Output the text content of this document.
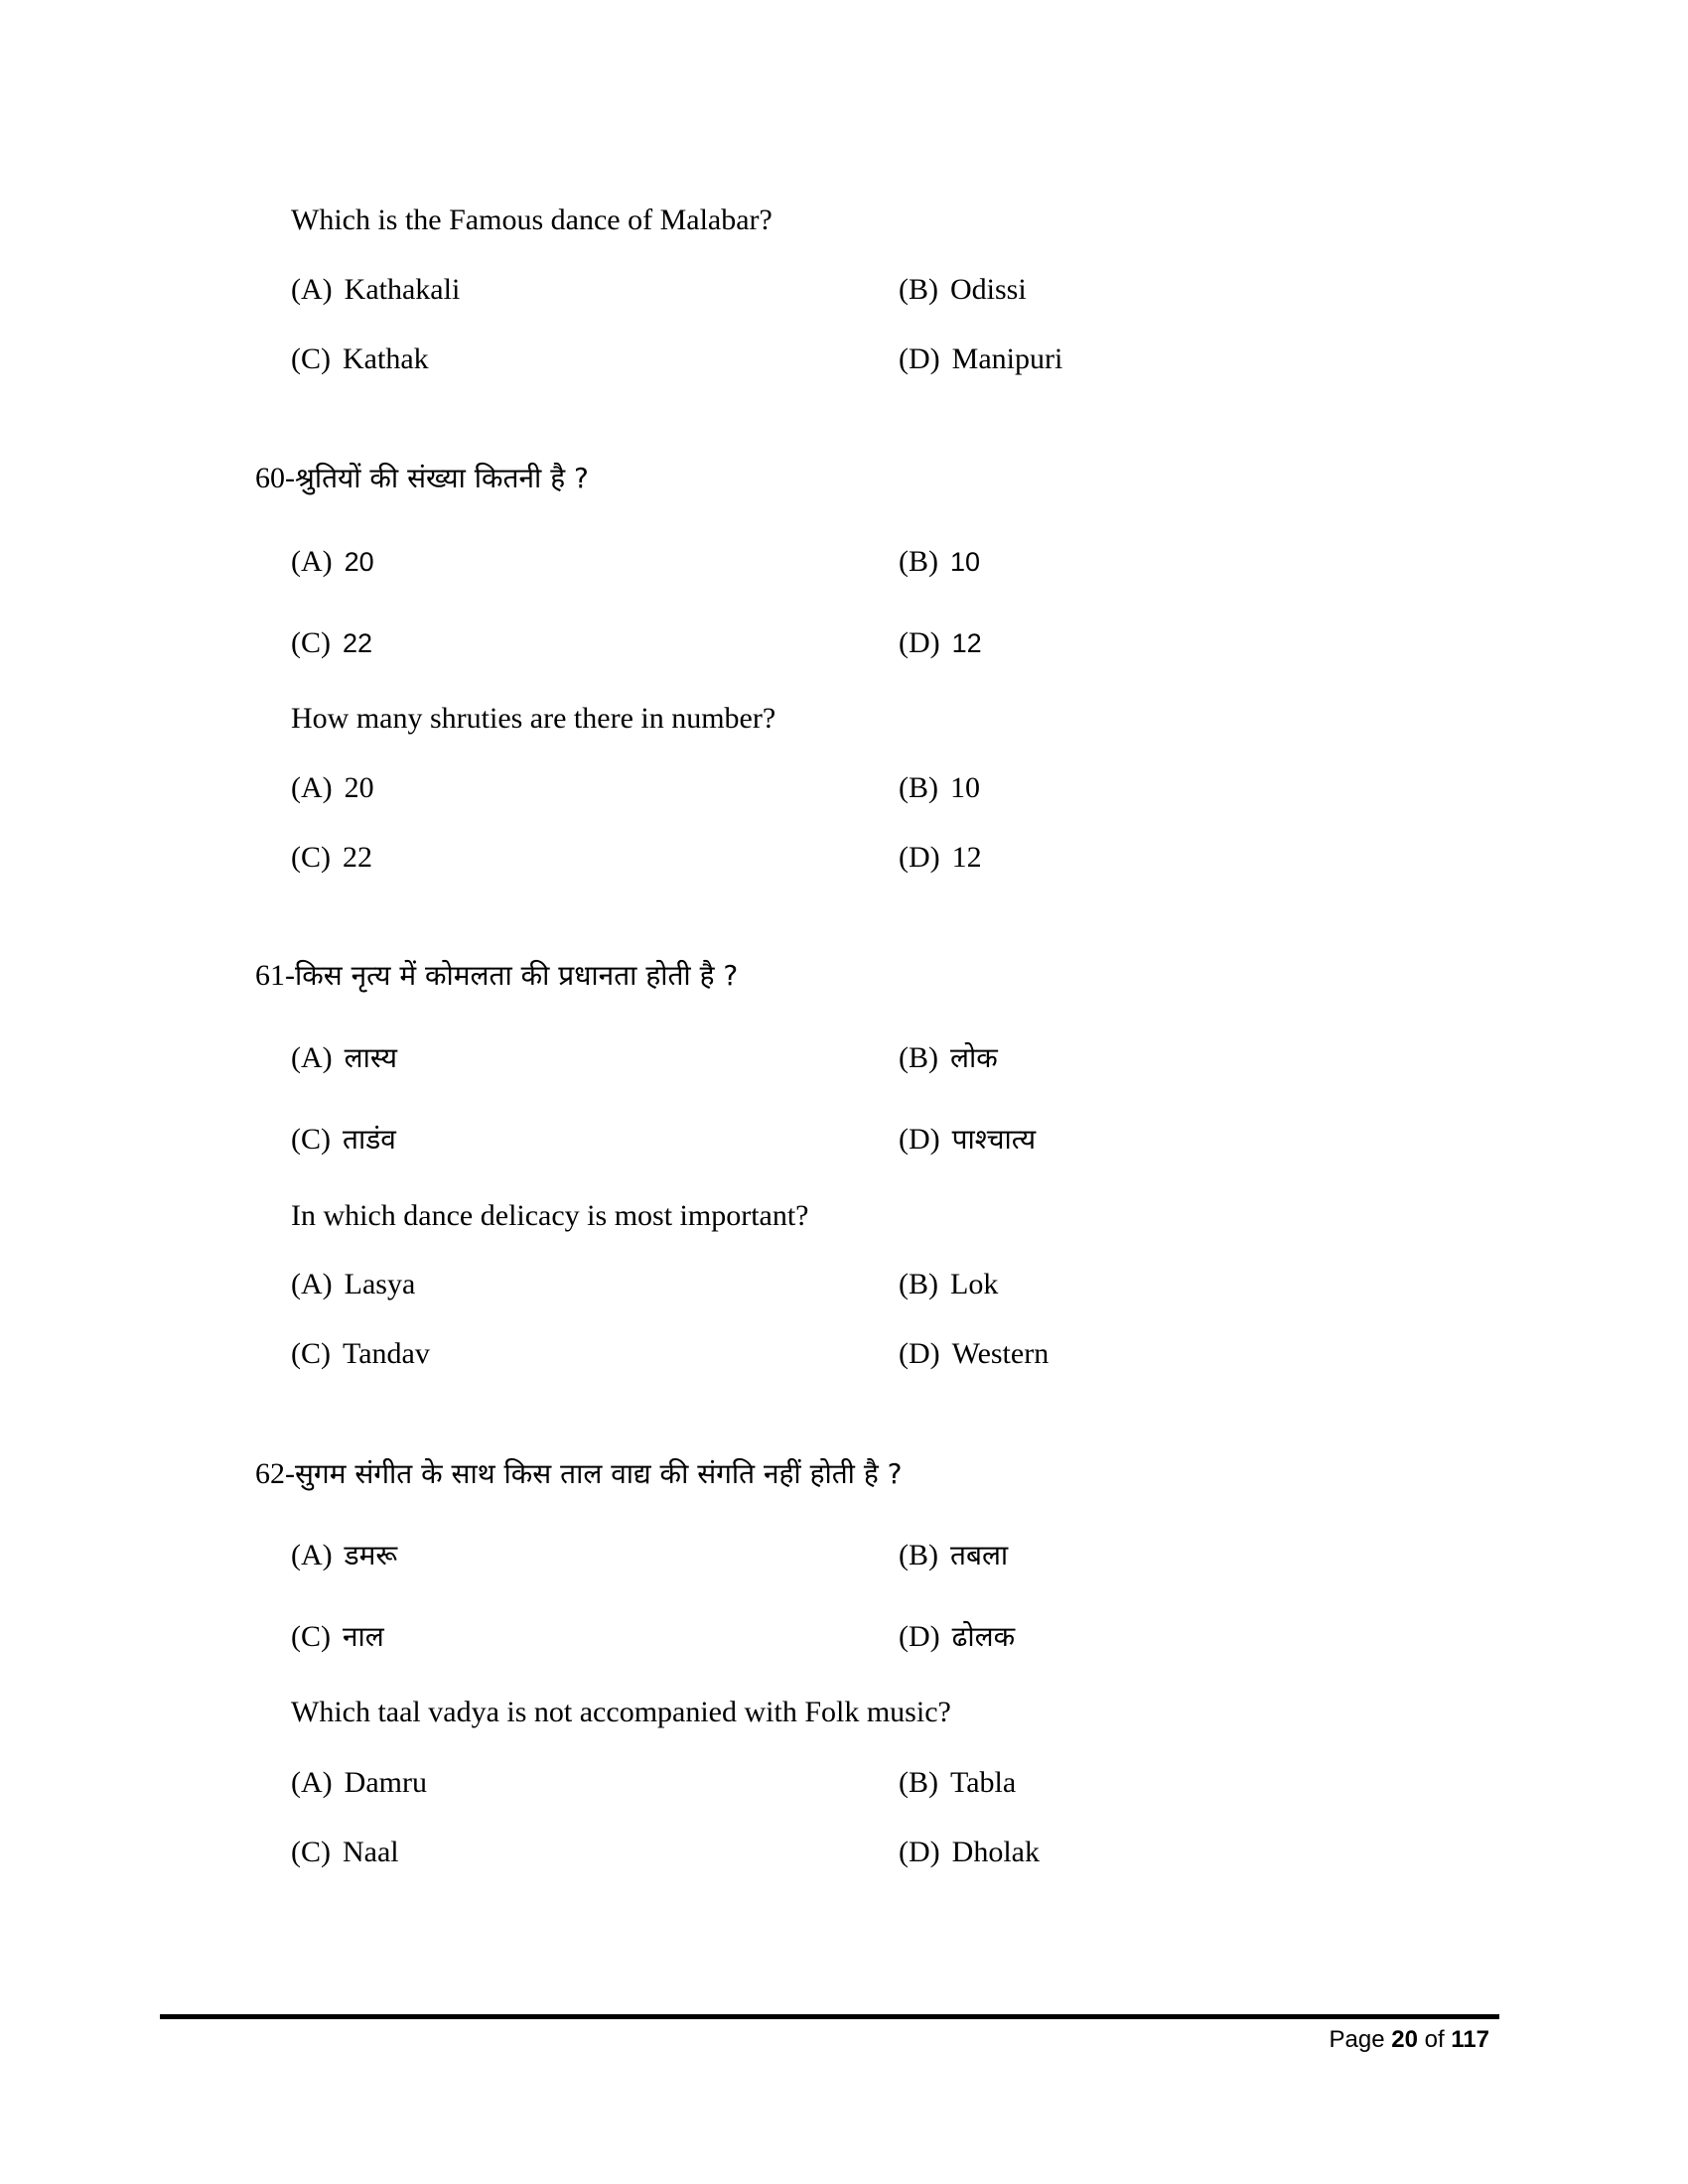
Which is the Famous dance of Malabar?
(A) Kathakali	(B) Odissi
(C) Kathak	(D) Manipuri
60-श्रुतियों की संख्या कितनी है ?
(A) 20	(B) 10
(C) 22	(D) 12
How many shruties are there in number?
(A) 20	(B) 10
(C) 22	(D) 12
61-किस नृत्य में कोमलता की प्रधानता होती है ?
(A) लास्य	(B) लोक
(C) ताडंव	(D) पाश्चात्य
In which dance delicacy is most important?
(A) Lasya	(B) Lok
(C) Tandav	(D) Western
62-सुगम संगीत के साथ किस ताल वाद्य की संगति नहीं होती है ?
(A) डमरू	(B) तबला
(C) नाल	(D) ढोलक
Which taal vadya is not accompanied with Folk music?
(A) Damru	(B) Tabla
(C) Naal	(D) Dholak
Page 20 of 117
